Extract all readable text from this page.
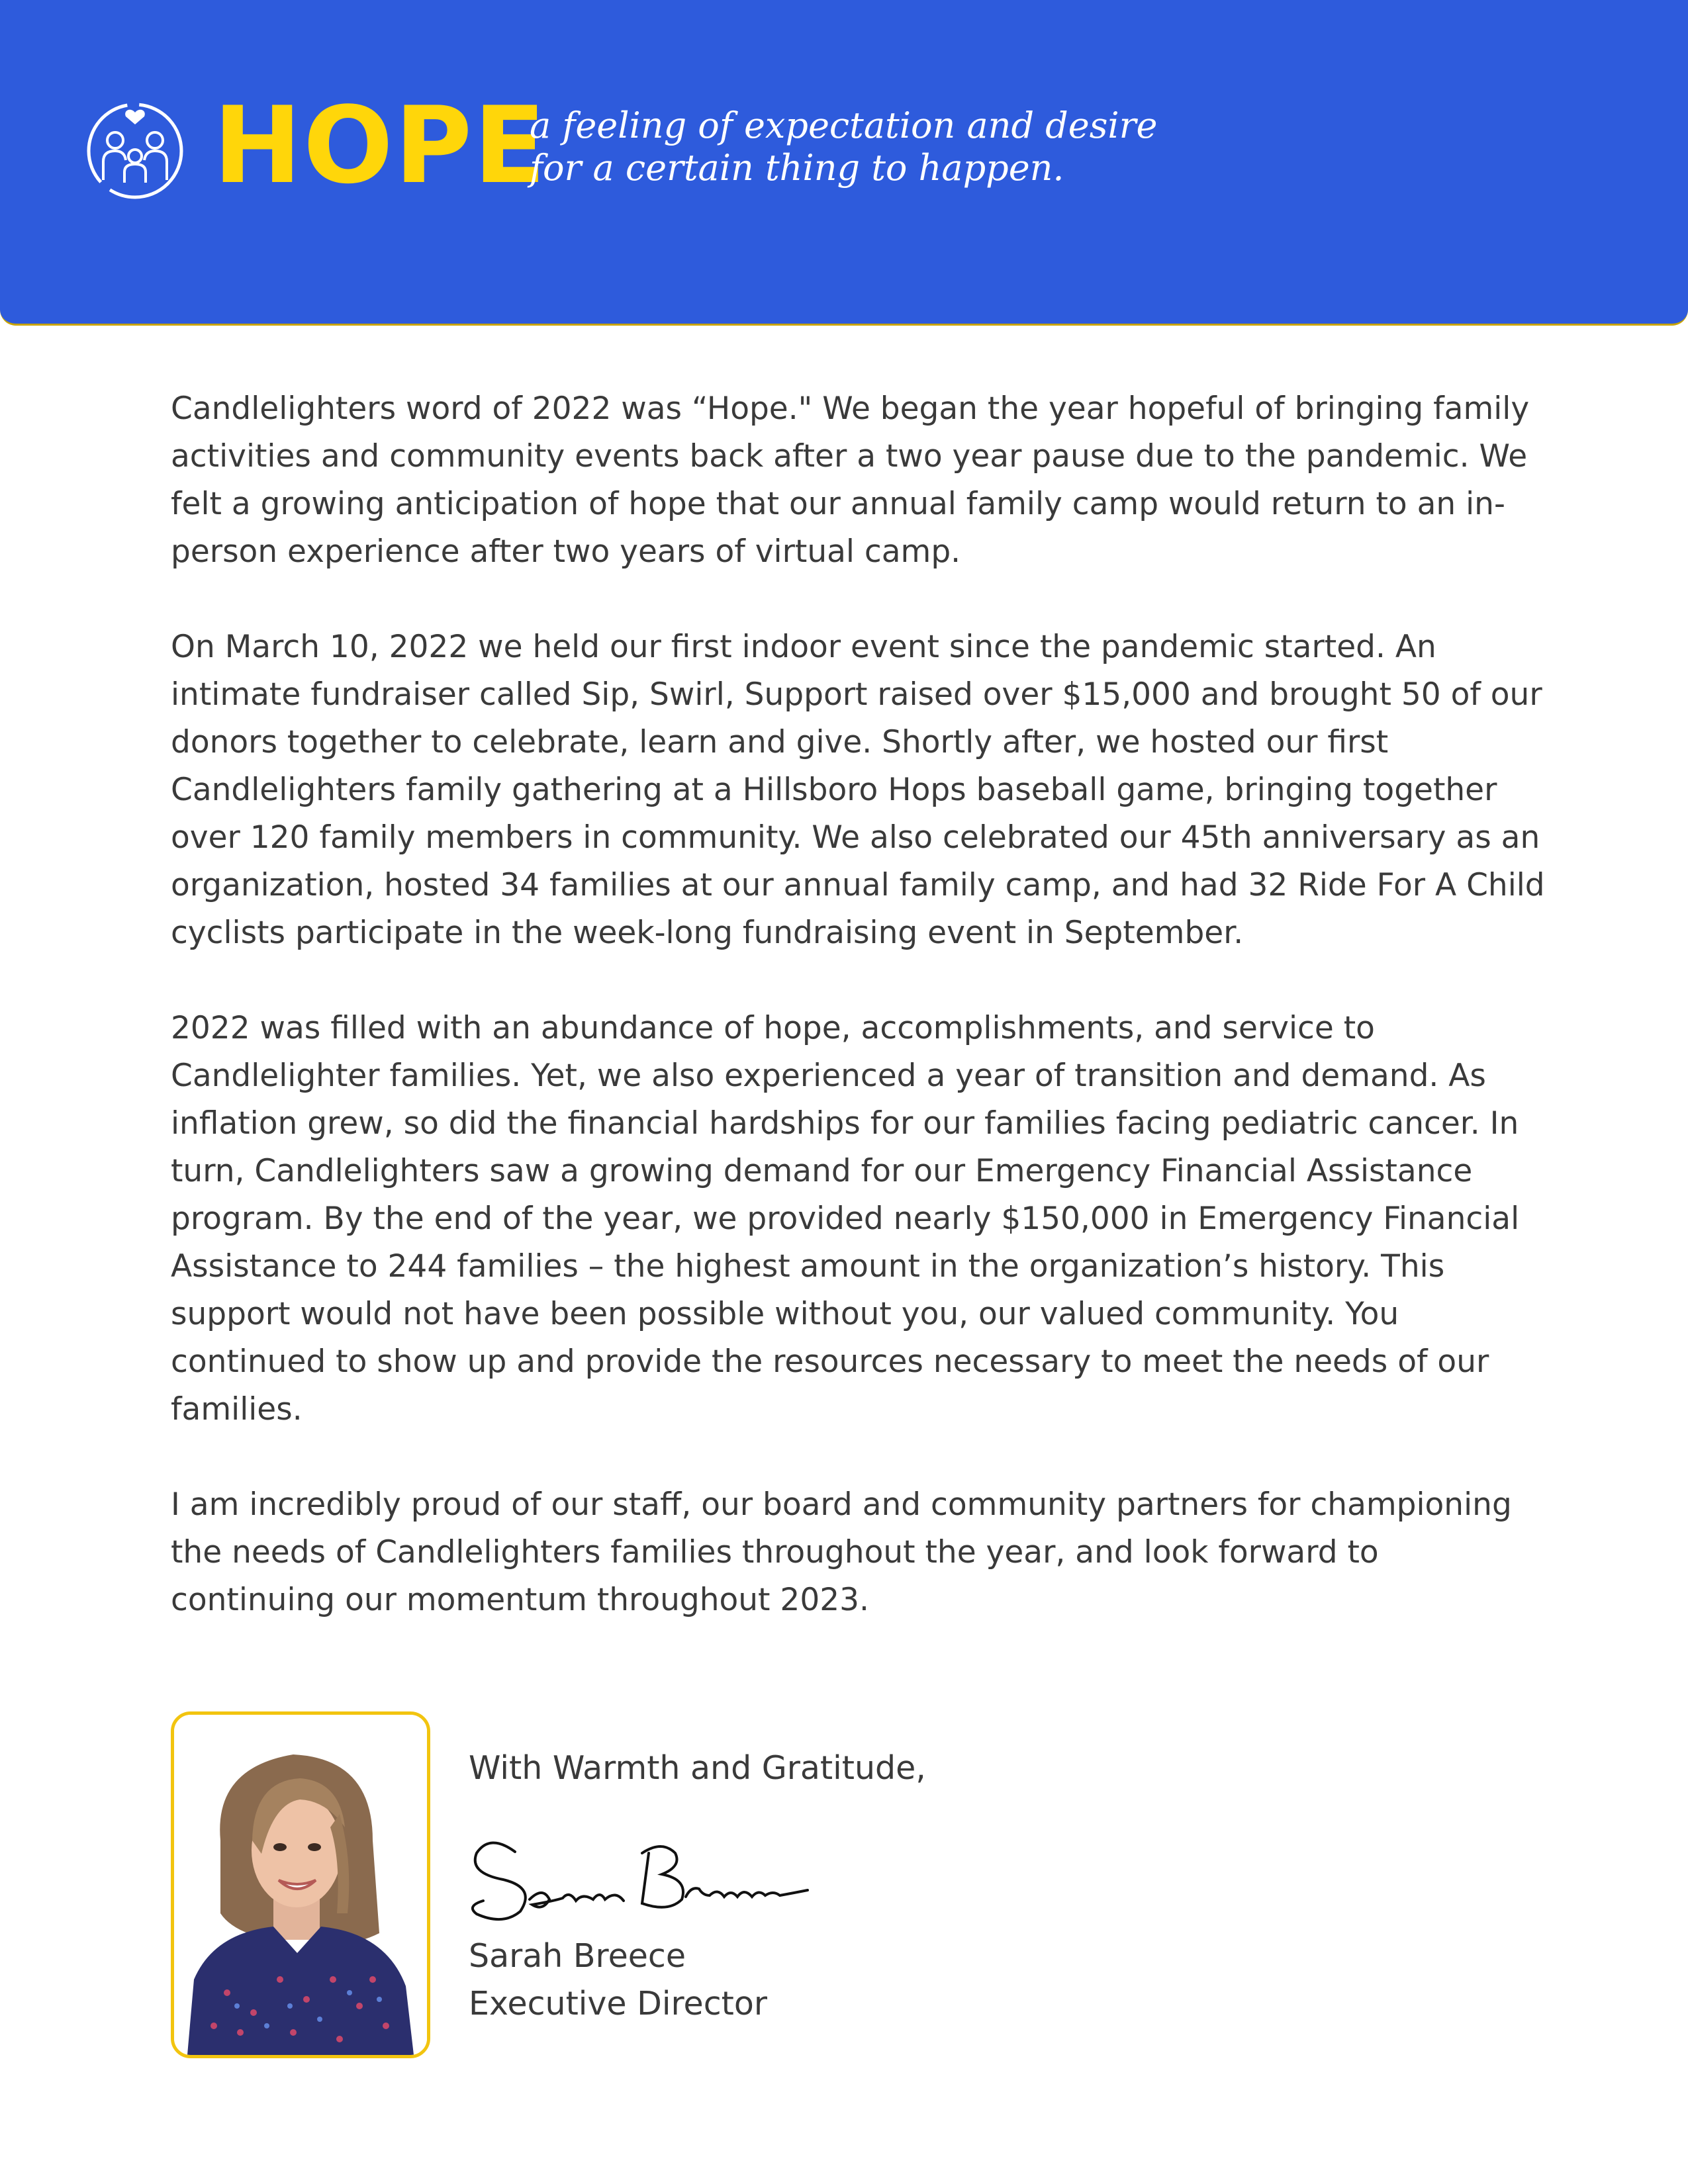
HOPE
a feeling of expectation and desire
for a certain thing to happen.

Candlelighters word of 2022 was “Hope." We began the year hopeful of bringing family activities and community events back after a two year pause due to the pandemic. We felt a growing anticipation of hope that our annual family camp would return to an in-person experience after two years of virtual camp.

On March 10, 2022 we held our first indoor event since the pandemic started. An intimate fundraiser called Sip, Swirl, Support raised over $15,000 and brought 50 of our donors together to celebrate, learn and give. Shortly after, we hosted our first Candlelighters family gathering at a Hillsboro Hops baseball game, bringing together over 120 family members in community. We also celebrated our 45th anniversary as an organization, hosted 34 families at our annual family camp, and had 32 Ride For A Child cyclists participate in the week-long fundraising event in September.

2022 was filled with an abundance of hope, accomplishments, and service to Candlelighter families. Yet, we also experienced a year of transition and demand. As inflation grew, so did the financial hardships for our families facing pediatric cancer. In turn, Candlelighters saw a growing demand for our Emergency Financial Assistance program. By the end of the year, we provided nearly $150,000 in Emergency Financial Assistance to 244 families – the highest amount in the organization’s history. This support would not have been possible without you, our valued community. You continued to show up and provide the resources necessary to meet the needs of our families.

I am incredibly proud of our staff, our board and community partners for championing the needs of Candlelighters families throughout the year, and look forward to continuing our momentum throughout 2023.

With Warmth and Gratitude,
Sarah Breece
Executive Director
